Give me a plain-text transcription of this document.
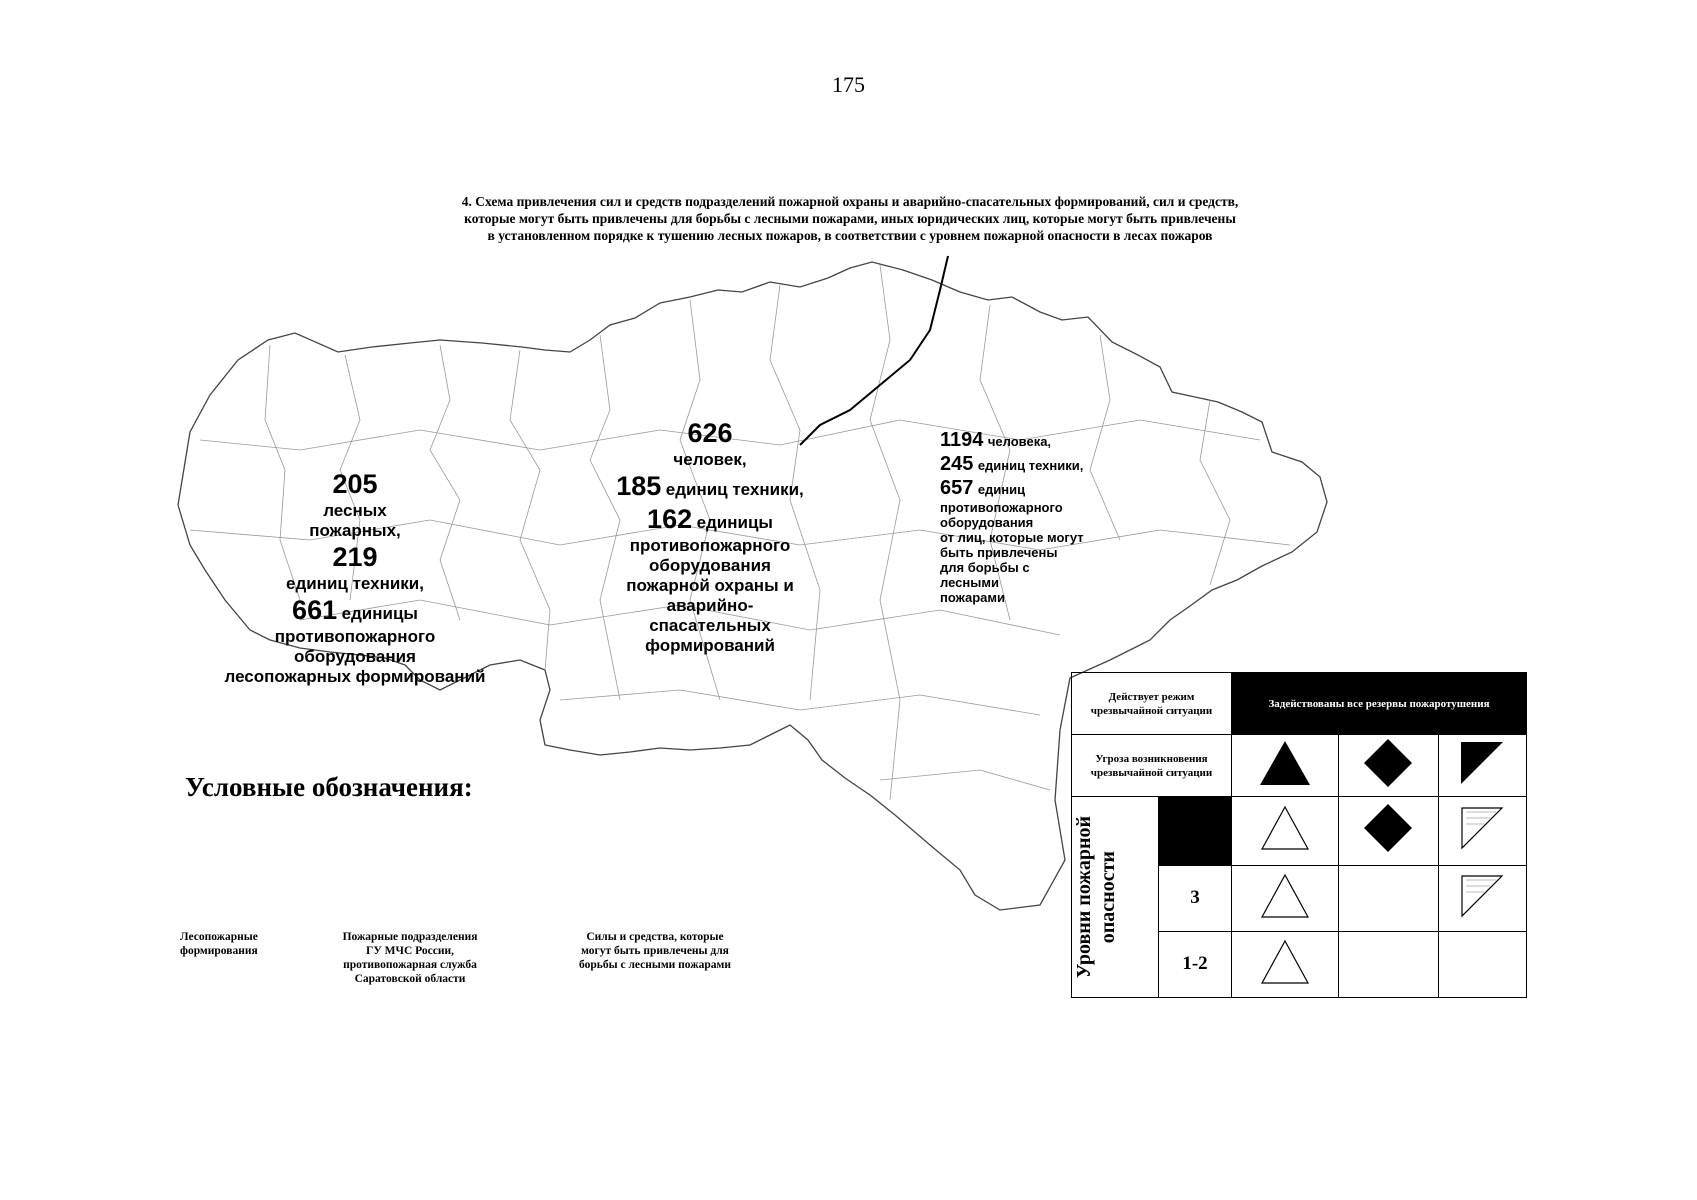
175
4. Схема привлечения сил и средств подразделений пожарной охраны и аварийно-спасательных формирований, сил и средств,
которые могут быть привлечены для борьбы с лесными пожарами, иных юридических лиц, которые могут быть привлечены
в установленном порядке к тушению лесных пожаров, в соответствии с уровнем пожарной опасности в лесах пожаров
205
лесных
пожарных,
219
единиц техники,
661 единицы
противопожарного
оборудования
лесопожарных формирований
626
человек,
185 единиц техники,
162 единицы
противопожарного
оборудования
пожарной охраны и
аварийно-
спасательных
формирований
1194 человека,
245 единиц техники,
657 единиц
противопожарного
оборудования
от лиц, которые могут
быть привлечены
для борьбы с
лесными
пожарами
Условные обозначения:
Лесопожарные
формирования
Пожарные подразделения
ГУ МЧС России,
противопожарная служба
Саратовской области
Силы и средства, которые
могут быть привлечены для
борьбы с лесными пожарами
Действует режим
чрезвычайной ситуации		Задействованы все резервы пожаротушения		

Угроза возникновения
чрезвычайной ситуации

Уровни пожарной опасности

	3			
	1-2			
